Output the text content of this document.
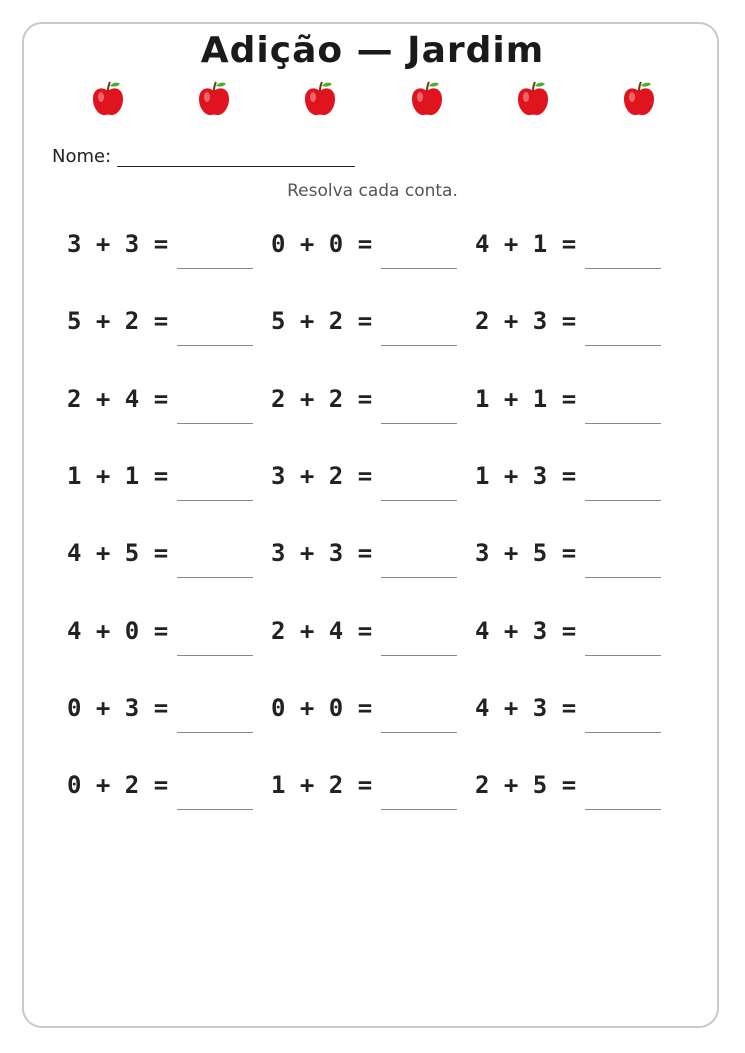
Adição — Jardim
Nome:
Resolva cada conta.
3 + 3 =	0 + 0 =	4 + 1 =
5 + 2 =	5 + 2 =	2 + 3 =
2 + 4 =	2 + 2 =	1 + 1 =
1 + 1 =	3 + 2 =	1 + 3 =
4 + 5 =	3 + 3 =	3 + 5 =
4 + 0 =	2 + 4 =	4 + 3 =
0 + 3 =	0 + 0 =	4 + 3 =
0 + 2 =	1 + 2 =	2 + 5 =
